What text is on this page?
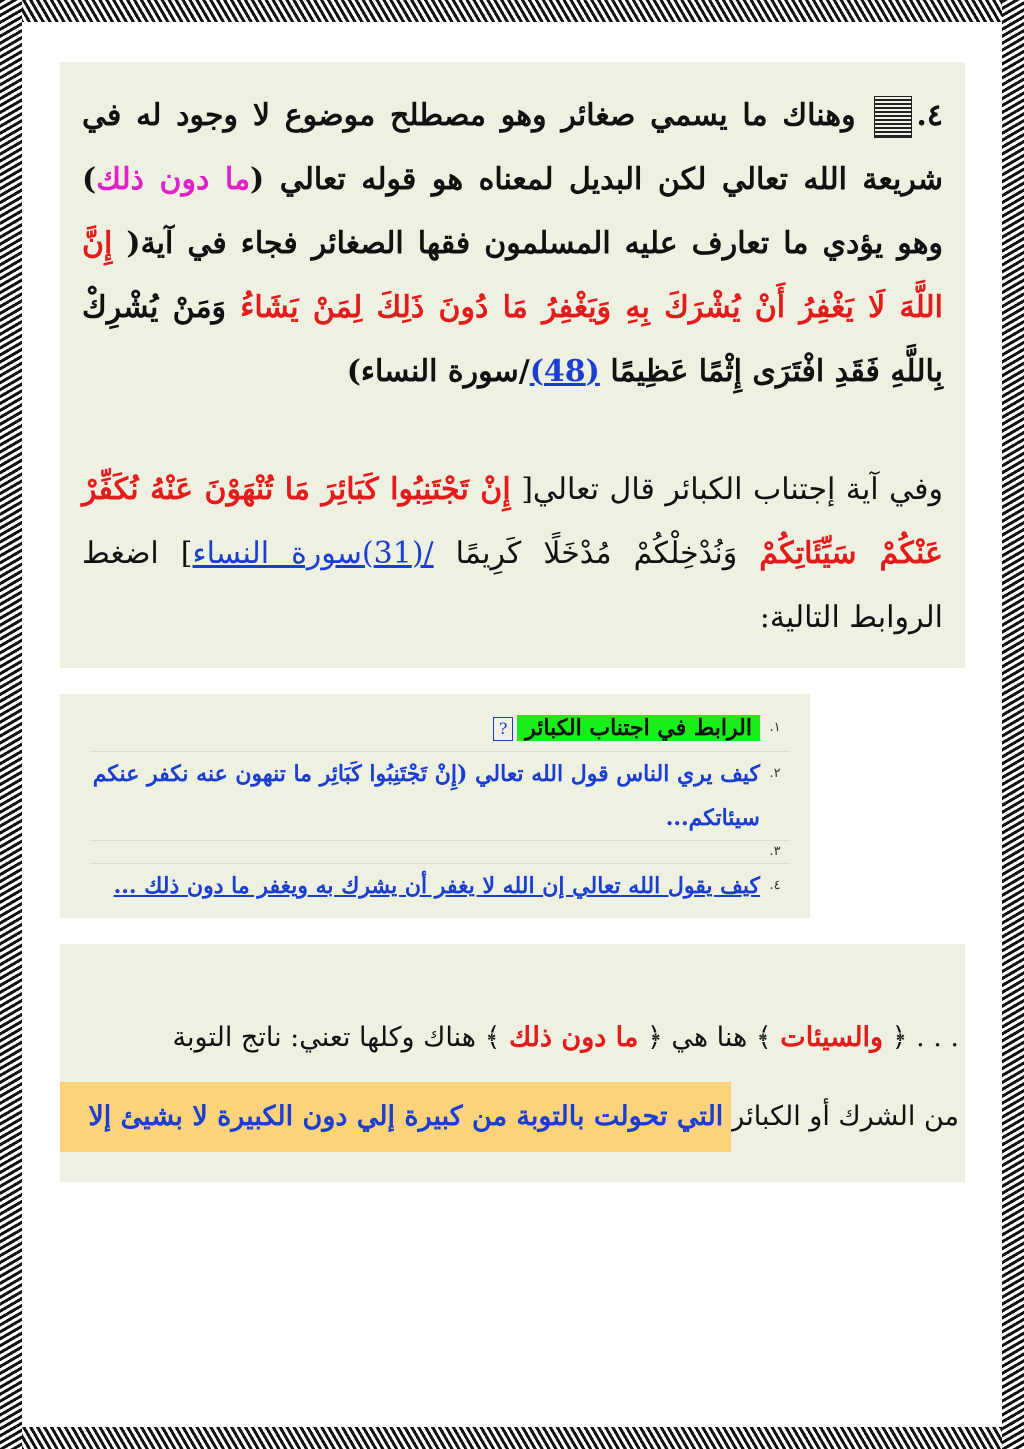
٤. وهناك ما يسمي صغائر وهو مصطلح موضوع لا وجود له في شريعة الله تعالي لكن البديل لمعناه هو قوله تعالي (ما دون ذلك) وهو يؤدي ما تعارف عليه المسلمون فقها الصغائر فجاء في آية( إِنَّ اللَّهَ لَا يَغْفِرُ أَنْ يُشْرَكَ بِهِ وَيَغْفِرُ مَا دُونَ ذَلِكَ لِمَنْ يَشَاءُ وَمَنْ يُشْرِكْ بِاللَّهِ فَقَدِ افْتَرَى إِثْمًا عَظِيمًا (48)/سورة النساء)

وفي آية إجتناب الكبائر قال تعالي[ إِنْ تَجْتَنِبُوا كَبَائِرَ مَا تُنْهَوْنَ عَنْهُ نُكَفِّرْ عَنْكُمْ سَيِّئَاتِكُمْ وَنُدْخِلْكُمْ مُدْخَلًا كَرِيمًا /(31)سورة النساء] اضغط الروابط التالية:

١.
الرابط في اجتناب الكبائر?
٢.
كيف يري الناس قول الله تعالي (إِنْ تَجْتَنِبُوا كَبَائِر ما تنهون عنه نكفر عنكم سيئاتكم...
٣.
٤.
كيف يقول الله تعالي إن الله لا يغفر أن يشرك به ويغفر ما دون ذلك ...
. . . ﴿ والسيئات ﴾ هنا هي ﴿ ما دون ذلك ﴾ هناك وكلها تعني: ناتج التوبة
من الشرك أو الكبائر
التي تحولت بالتوبة من كبيرة إلي دون الكبيرة لا بشيئ إلا
